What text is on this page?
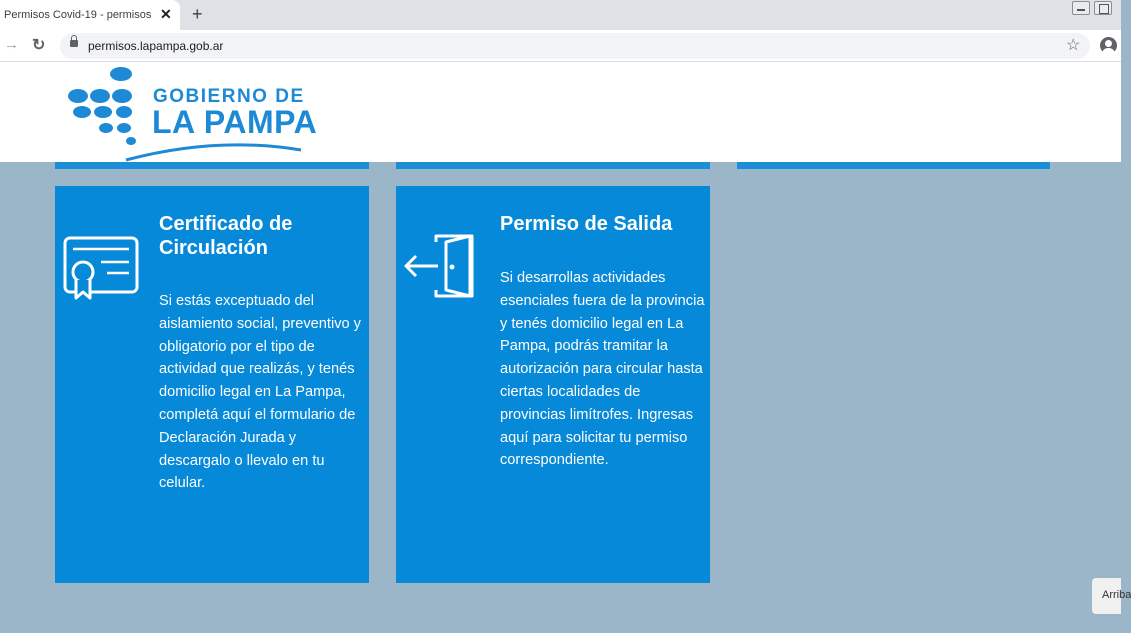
Permisos Covid-19 - permisos ✕ +
→ ↻	permisos.lapampa.gob.ar	☆
GOBIERNO DE
LA PAMPA
Certificado de Circulación
Si estás exceptuado del aislamiento social, preventivo y obligatorio por el tipo de actividad que realizás, y tenés domicilio legal en La Pampa, completá aquí el formulario de Declaración Jurada y descargalo o llevalo en tu celular.
Permiso de Salida
Si desarrollas actividades esenciales fuera de la provincia y tenés domicilio legal en La Pampa, podrás tramitar la autorización para circular hasta ciertas localidades de provincias limítrofes. Ingresas aquí para solicitar tu permiso correspondiente.
Arriba
